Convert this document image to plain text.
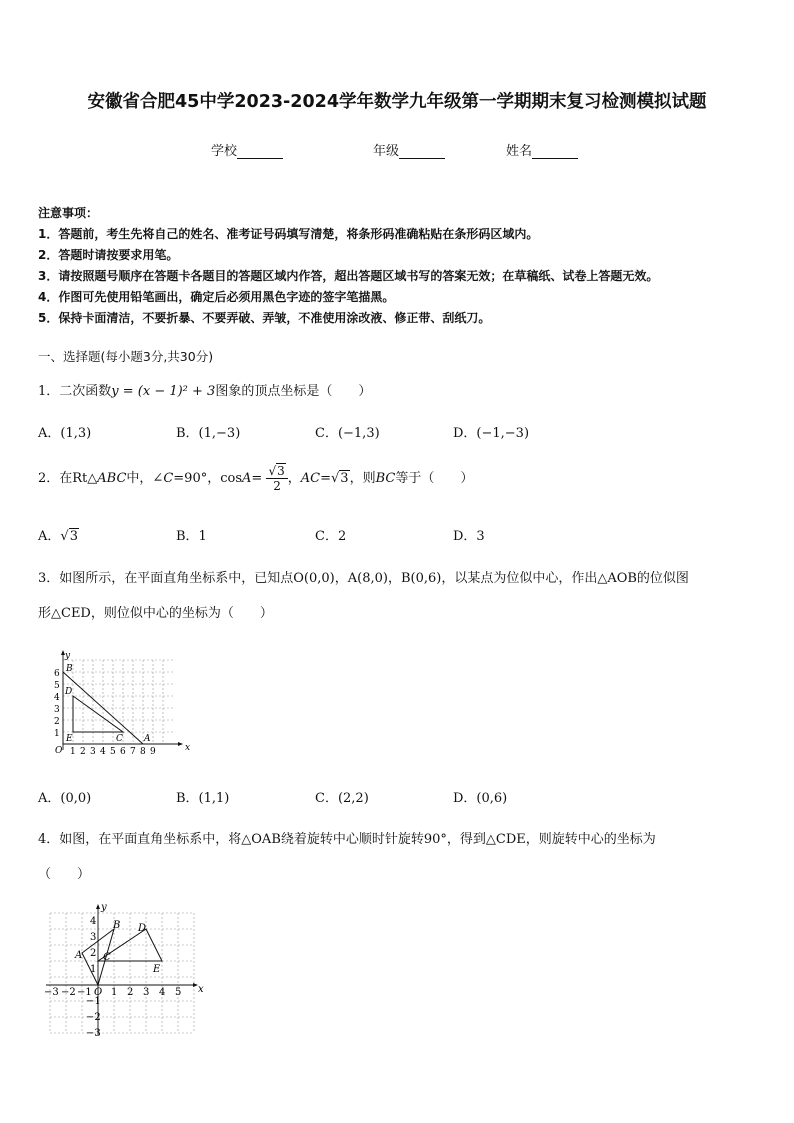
安徽省合肥45中学2023-2024学年数学九年级第一学期期末复习检测模拟试题
学校	年级	姓名
注意事项：
1．答题前，考生先将自己的姓名、准考证号码填写清楚，将条形码准确粘贴在条形码区域内。
2．答题时请按要求用笔。
3．请按照题号顺序在答题卡各题目的答题区域内作答，超出答题区域书写的答案无效；在草稿纸、试卷上答题无效。
4．作图可先使用铅笔画出，确定后必须用黑色字迹的签字笔描黑。
5．保持卡面清洁，不要折暴、不要弄破、弄皱，不准使用涂改液、修正带、刮纸刀。
一、选择题(每小题3分,共30分)
1．二次函数y = (x − 1)² + 3图象的顶点坐标是（　　）
A．(1,3)	B．(1,−3)	C．(−1,3)	D．(−1,−3)
2．在Rt△ABC中，∠C=90°，$\cos A= \frac{√3}{2}$ ，AC=√3，则BC等于（　　）
A．√3	B．1	C．2	D．3
3．如图所示，在平面直角坐标系中，已知点O(0,0)，A(8,0)，B(0,6)，以某点为位似中心，作出△AOB的位似图
形△CED，则位似中心的坐标为（　　）
y
x
O 1 2 3 4 5 6 7 8 9
1
2
3
4
5
6 B
D
E	C A
A．(0,0)	B．(1,1)	C．(2,2)	D．(0,6)
4．如图，在平面直角坐标系中，将△OAB绕着旋转中心顺时针旋转90°，得到△CDE，则旋转中心的坐标为
（　　）
y
x
O
−3 −2 −1 1 2 3 4 5
4
3
2
1
−1
−2
−3
A
B
C
D
E
